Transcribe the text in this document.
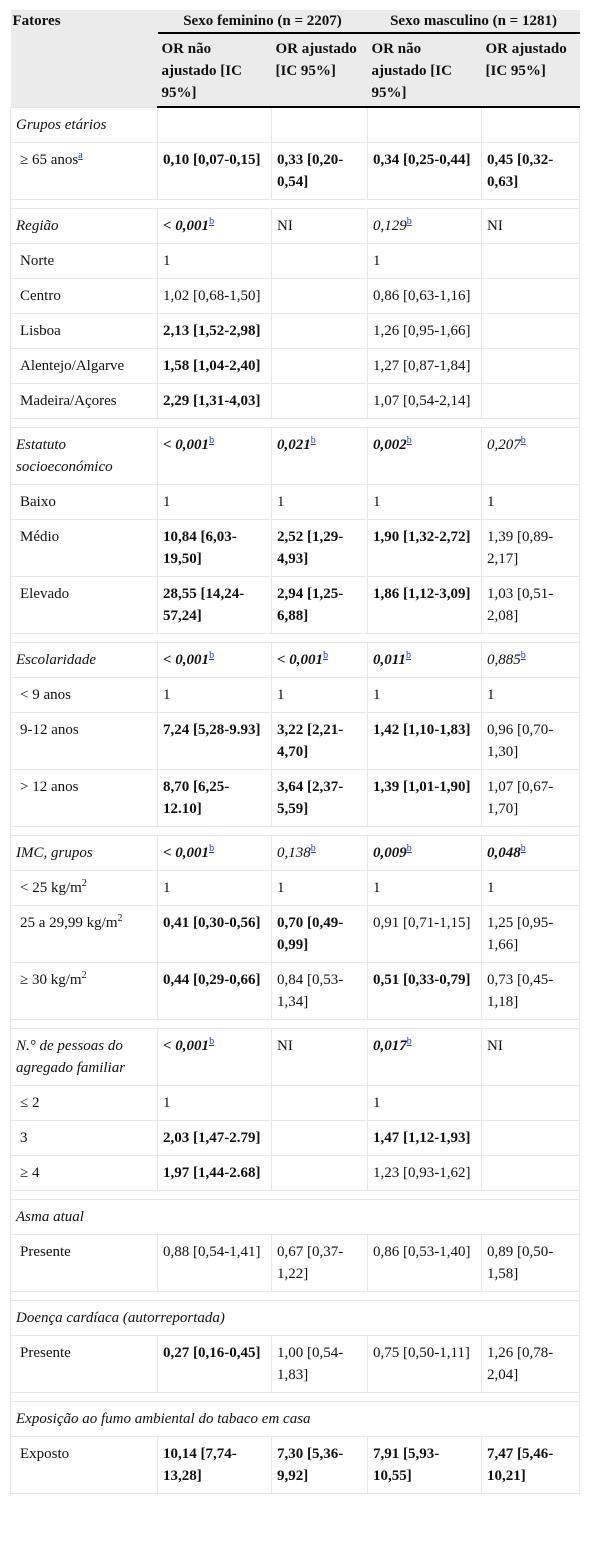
Fatores	Sexo feminino (n = 2207)		Sexo masculino (n = 1281)	
	OR não ajustado [IC 95%]	OR ajustado [IC 95%]	OR não ajustado [IC 95%]	OR ajustado [IC 95%]
Grupos etários				
≥ 65 anos$^a$	0,10 [0,07-0,15]	0,33 [0,20-0,54]	0,34 [0,25-0,44]	0,45 [0,32-0,63]

Região	< 0,001$^b$	NI	0,129$^b$	NI
Norte	1		1	
Centro	1,02 [0,68-1,50]		0,86 [0,63-1,16]	
Lisboa	2,13 [1,52-2,98]		1,26 [0,95-1,66]	
Alentejo/Algarve	1,58 [1,04-2,40]		1,27 [0,87-1,84]	
Madeira/Açores	2,29 [1,31-4,03]		1,07 [0,54-2,14]	

Estatuto socioeconómico	< 0,001$^b$	0,021$^b$	0,002$^b$	0,207$^b$
Baixo	1	1	1	1
Médio	10,84 [6,03-19,50]	2,52 [1,29-4,93]	1,90 [1,32-2,72]	1,39 [0,89-2,17]
Elevado	28,55 [14,24-57,24]	2,94 [1,25-6,88]	1,86 [1,12-3,09]	1,03 [0,51-2,08]

Escolaridade	< 0,001$^b$	< 0,001$^b$	0,011$^b$	0,885$^b$
< 9 anos	1	1	1	1
9-12 anos	7,24 [5,28-9.93]	3,22 [2,21-4,70]	1,42 [1,10-1,83]	0,96 [0,70-1,30]
> 12 anos	8,70 [6,25-12.10]	3,64 [2,37-5,59]	1,39 [1,01-1,90]	1,07 [0,67-1,70]

IMC, grupos	< 0,001$^b$	0,138$^b$	0,009$^b$	0,048$^b$
< 25 $kg/m^2$	1	1	1	1
25 a 29,99 $kg/m^2$	0,41 [0,30-0,56]	0,70 [0,49-0,99]	0,91 [0,71-1,15]	1,25 [0,95-1,66]
≥ 30 $kg/m^2$	0,44 [0,29-0,66]	0,84 [0,53-1,34]	0,51 [0,33-0,79]	0,73 [0,45-1,18]

N.° de pessoas do agregado familiar	< 0,001$^b$	NI	0,017$^b$	NI
≤ 2	1		1	
3	2,03 [1,47-2.79]		1,47 [1,12-1,93]	
≥ 4	1,97 [1,44-2.68]		1,23 [0,93-1,62]	

Asma atual				
Presente	0,88 [0,54-1,41]	0,67 [0,37-1,22]	0,86 [0,53-1,40]	0,89 [0,50-1,58]

Doença cardíaca (autorreportada)				
Presente	0,27 [0,16-0,45]	1,00 [0,54-1,83]	0,75 [0,50-1,11]	1,26 [0,78-2,04]

Exposição ao fumo ambiental do tabaco em casa				
Exposto	10,14 [7,74-13,28]	7,30 [5,36-9,92]	7,91 [5,93-10,55]	7,47 [5,46-10,21]
